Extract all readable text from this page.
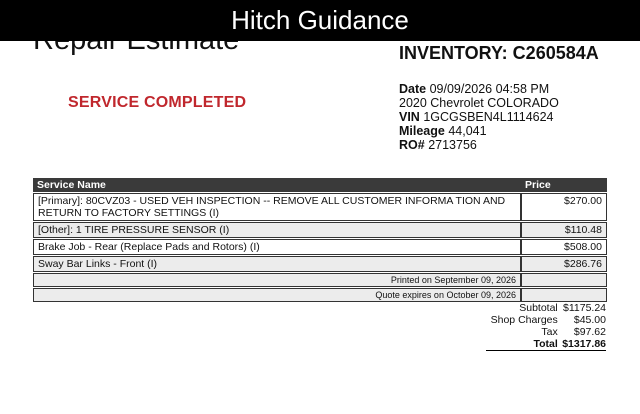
Hitch Guidance
SERVICE COMPLETED
INVENTORY: C260584A
Date 09/09/2026 04:58 PM
2020 Chevrolet COLORADO
VIN 1GCGSBEN4L1114624
Mileage 44,041
RO# 2713756
Service Name	Price
[Primary]: 80CVZ03 - USED VEH INSPECTION -- REMOVE ALL CUSTOMER INFORMA TION AND RETURN TO FACTORY SETTINGS (I)	$270.00
[Other]: 1 TIRE PRESSURE SENSOR (I)	$110.48
Brake Job - Rear (Replace Pads and Rotors) (I)	$508.00
Sway Bar Links - Front (I)	$286.76
Printed on September 09, 2026	
Quote expires on October 09, 2026	
Subtotal	$1175.24
Shop Charges	$45.00
Tax	$97.62
Total	$1317.86
